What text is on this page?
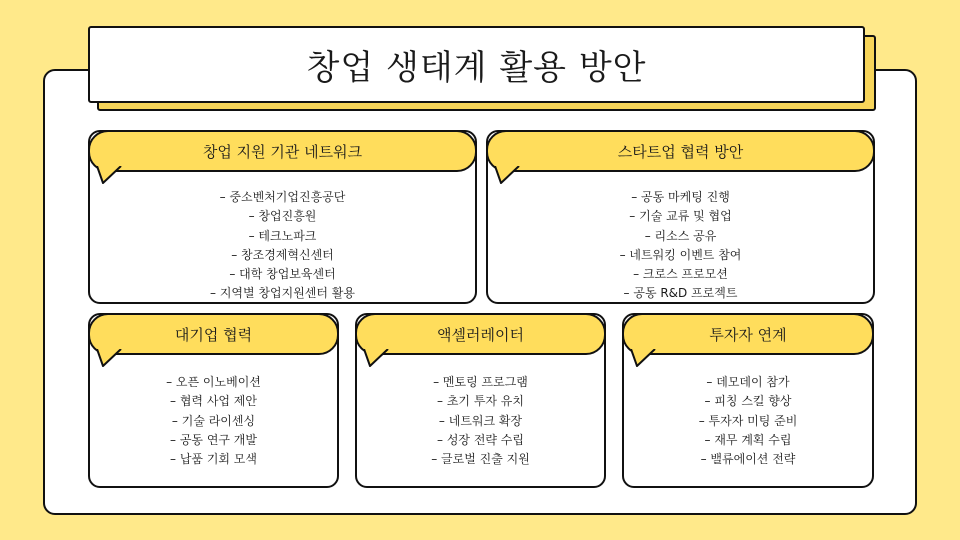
창업 생태계 활용 방안
창업 지원 기관 네트워크
– 중소벤처기업진흥공단
– 창업진흥원
– 테크노파크
– 창조경제혁신센터
– 대학 창업보육센터
– 지역별 창업지원센터 활용
스타트업 협력 방안
– 공동 마케팅 진행
– 기술 교류 및 협업
– 리소스 공유
– 네트워킹 이벤트 참여
– 크로스 프로모션
– 공동 R&D 프로젝트
대기업 협력
– 오픈 이노베이션
– 협력 사업 제안
– 기술 라이센싱
– 공동 연구 개발
– 납품 기회 모색
액셀러레이터
– 멘토링 프로그램
– 초기 투자 유치
– 네트워크 확장
– 성장 전략 수립
– 글로벌 진출 지원
투자자 연계
– 데모데이 참가
– 피칭 스킬 향상
– 투자자 미팅 준비
– 재무 계획 수립
– 밸류에이션 전략
